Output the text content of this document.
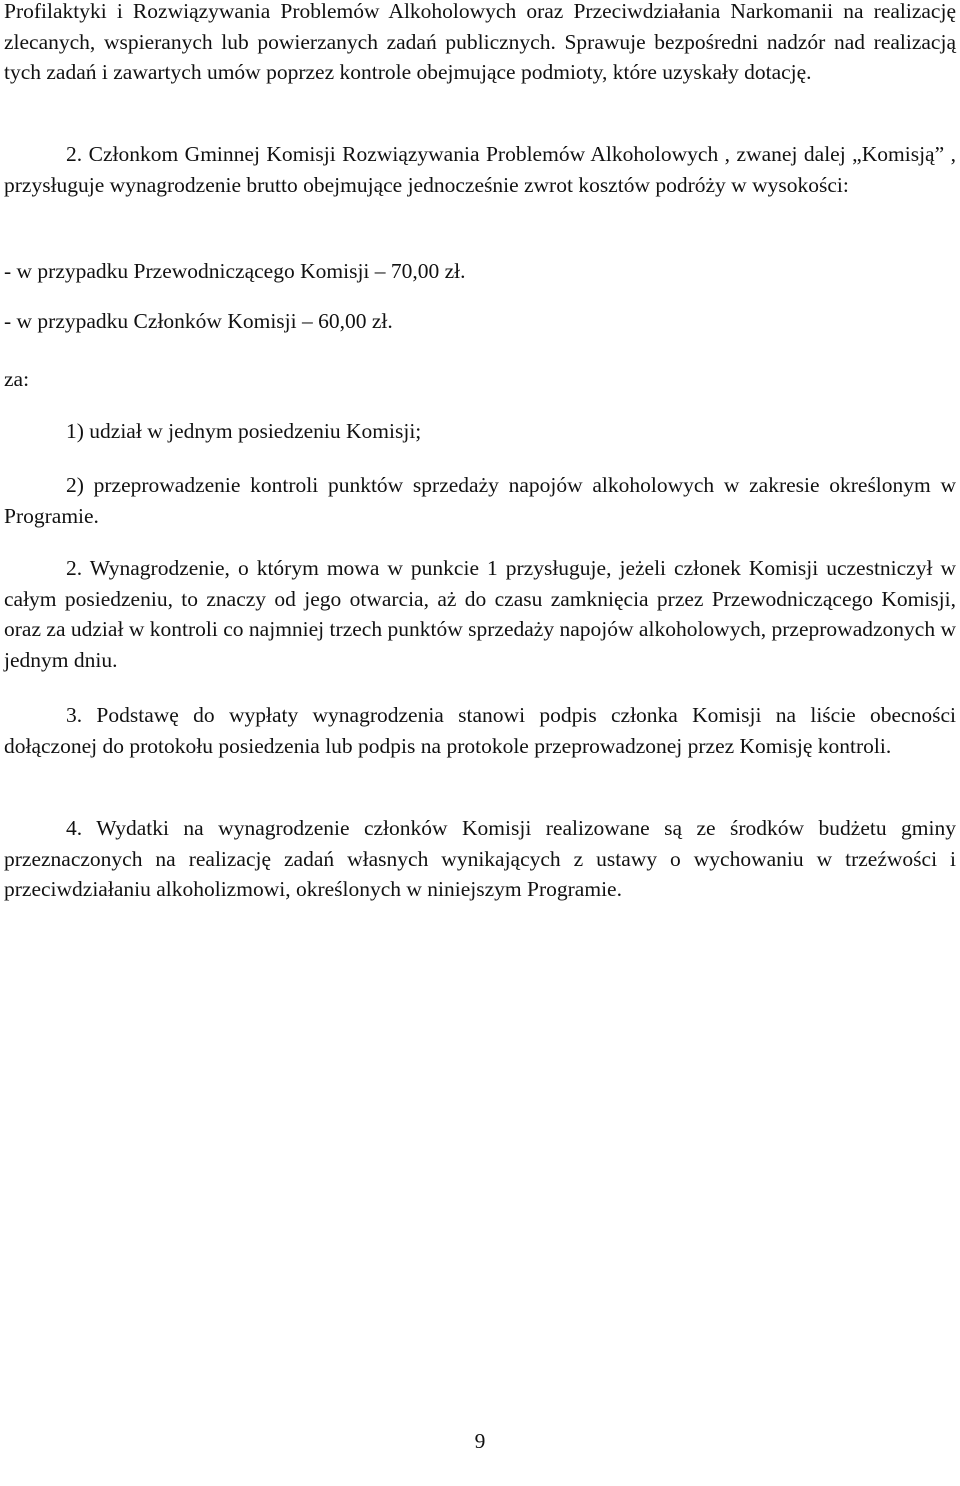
Profilaktyki i Rozwiązywania Problemów Alkoholowych oraz Przeciwdziałania Narkomanii na realizację zlecanych, wspieranych lub powierzanych zadań publicznych. Sprawuje bezpośredni nadzór nad realizacją tych zadań i zawartych umów poprzez kontrole obejmujące podmioty, które uzyskały dotację.

2. Członkom Gminnej Komisji Rozwiązywania Problemów Alkoholowych , zwanej dalej „Komisją” , przysługuje wynagrodzenie brutto obejmujące jednocześnie zwrot kosztów podróży w wysokości:

- w przypadku Przewodniczącego Komisji – 70,00 zł.

- w przypadku Członków Komisji – 60,00 zł.

za:

1) udział w jednym posiedzeniu Komisji;

2) przeprowadzenie kontroli punktów sprzedaży napojów alkoholowych w zakresie określonym w Programie.

2. Wynagrodzenie, o którym mowa w punkcie 1 przysługuje, jeżeli członek Komisji uczestniczył w całym posiedzeniu, to znaczy od jego otwarcia, aż do czasu zamknięcia przez Przewodniczącego Komisji, oraz za udział w kontroli co najmniej trzech punktów sprzedaży napojów alkoholowych, przeprowadzonych w jednym dniu.

3. Podstawę do wypłaty wynagrodzenia stanowi podpis członka Komisji na liście obecności dołączonej do protokołu posiedzenia lub podpis na protokole przeprowadzonej przez Komisję kontroli.

4. Wydatki na wynagrodzenie członków Komisji realizowane są ze środków budżetu gminy przeznaczonych na realizację zadań własnych wynikających z ustawy o wychowaniu w trzeźwości i przeciwdziałaniu alkoholizmowi, określonych w niniejszym Programie.

9
